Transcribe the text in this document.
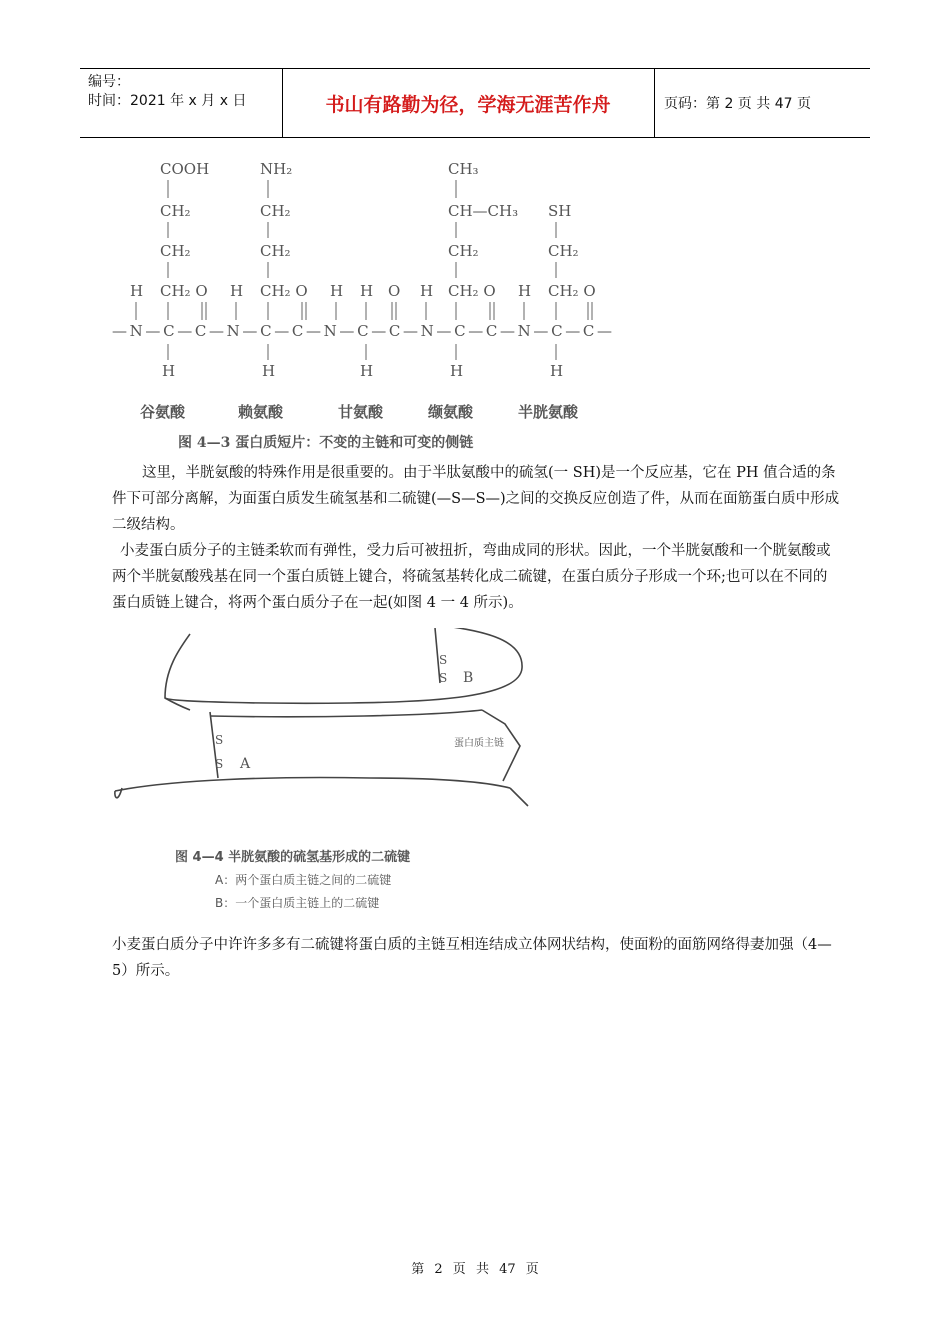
编号：
时间：2021 年 x 月 x 日	书山有路勤为径，学海无涯苦作舟	页码：第 2 页 共 47 页
COOH
CH₂
CH₂
NH₂
CH₂
CH₂
CH₃
CH—CH₃
CH₂
SH
CH₂
H CH₂ O H CH₂ O H H O H CH₂ O H CH₂ O
—N—C—C—N—C—C—N—C—C—N—C—C—N—C—C—
H	H	H	H	H
谷氨酸	赖氨酸	甘氨酸	缬氨酸	半胱氨酸
图 4—3 蛋白质短片：不变的主链和可变的侧链
这里，半胱氨酸的特殊作用是很重要的。由于半肽氨酸中的硫氢(一 SH)是一个反应基，它在 PH 值合适的条件下可部分离解，为面蛋白质发生硫氢基和二硫键(—S—S—)之间的交换反应创造了件，从而在面筋蛋白质中形成二级结构。
小麦蛋白质分子的主链柔软而有弹性，受力后可被扭折，弯曲成同的形状。因此，一个半胱氨酸和一个胱氨酸或两个半胱氨酸残基在同一个蛋白质链上键合，将硫氢基转化成二硫键，在蛋白质分子形成一个环;也可以在不同的蛋白质链上键合，将两个蛋白质分子在一起(如图 4 一 4 所示)。
S
S B
S
S A
蛋白质主链
图 4—4 半胱氨酸的硫氢基形成的二硫键
A：两个蛋白质主链之间的二硫键
B：一个蛋白质主链上的二硫键
小麦蛋白质分子中许许多多有二硫键将蛋白质的主链互相连结成立体网状结构，使面粉的面筋网络得妻加强（4—5）所示。
第 2 页 共 47 页
